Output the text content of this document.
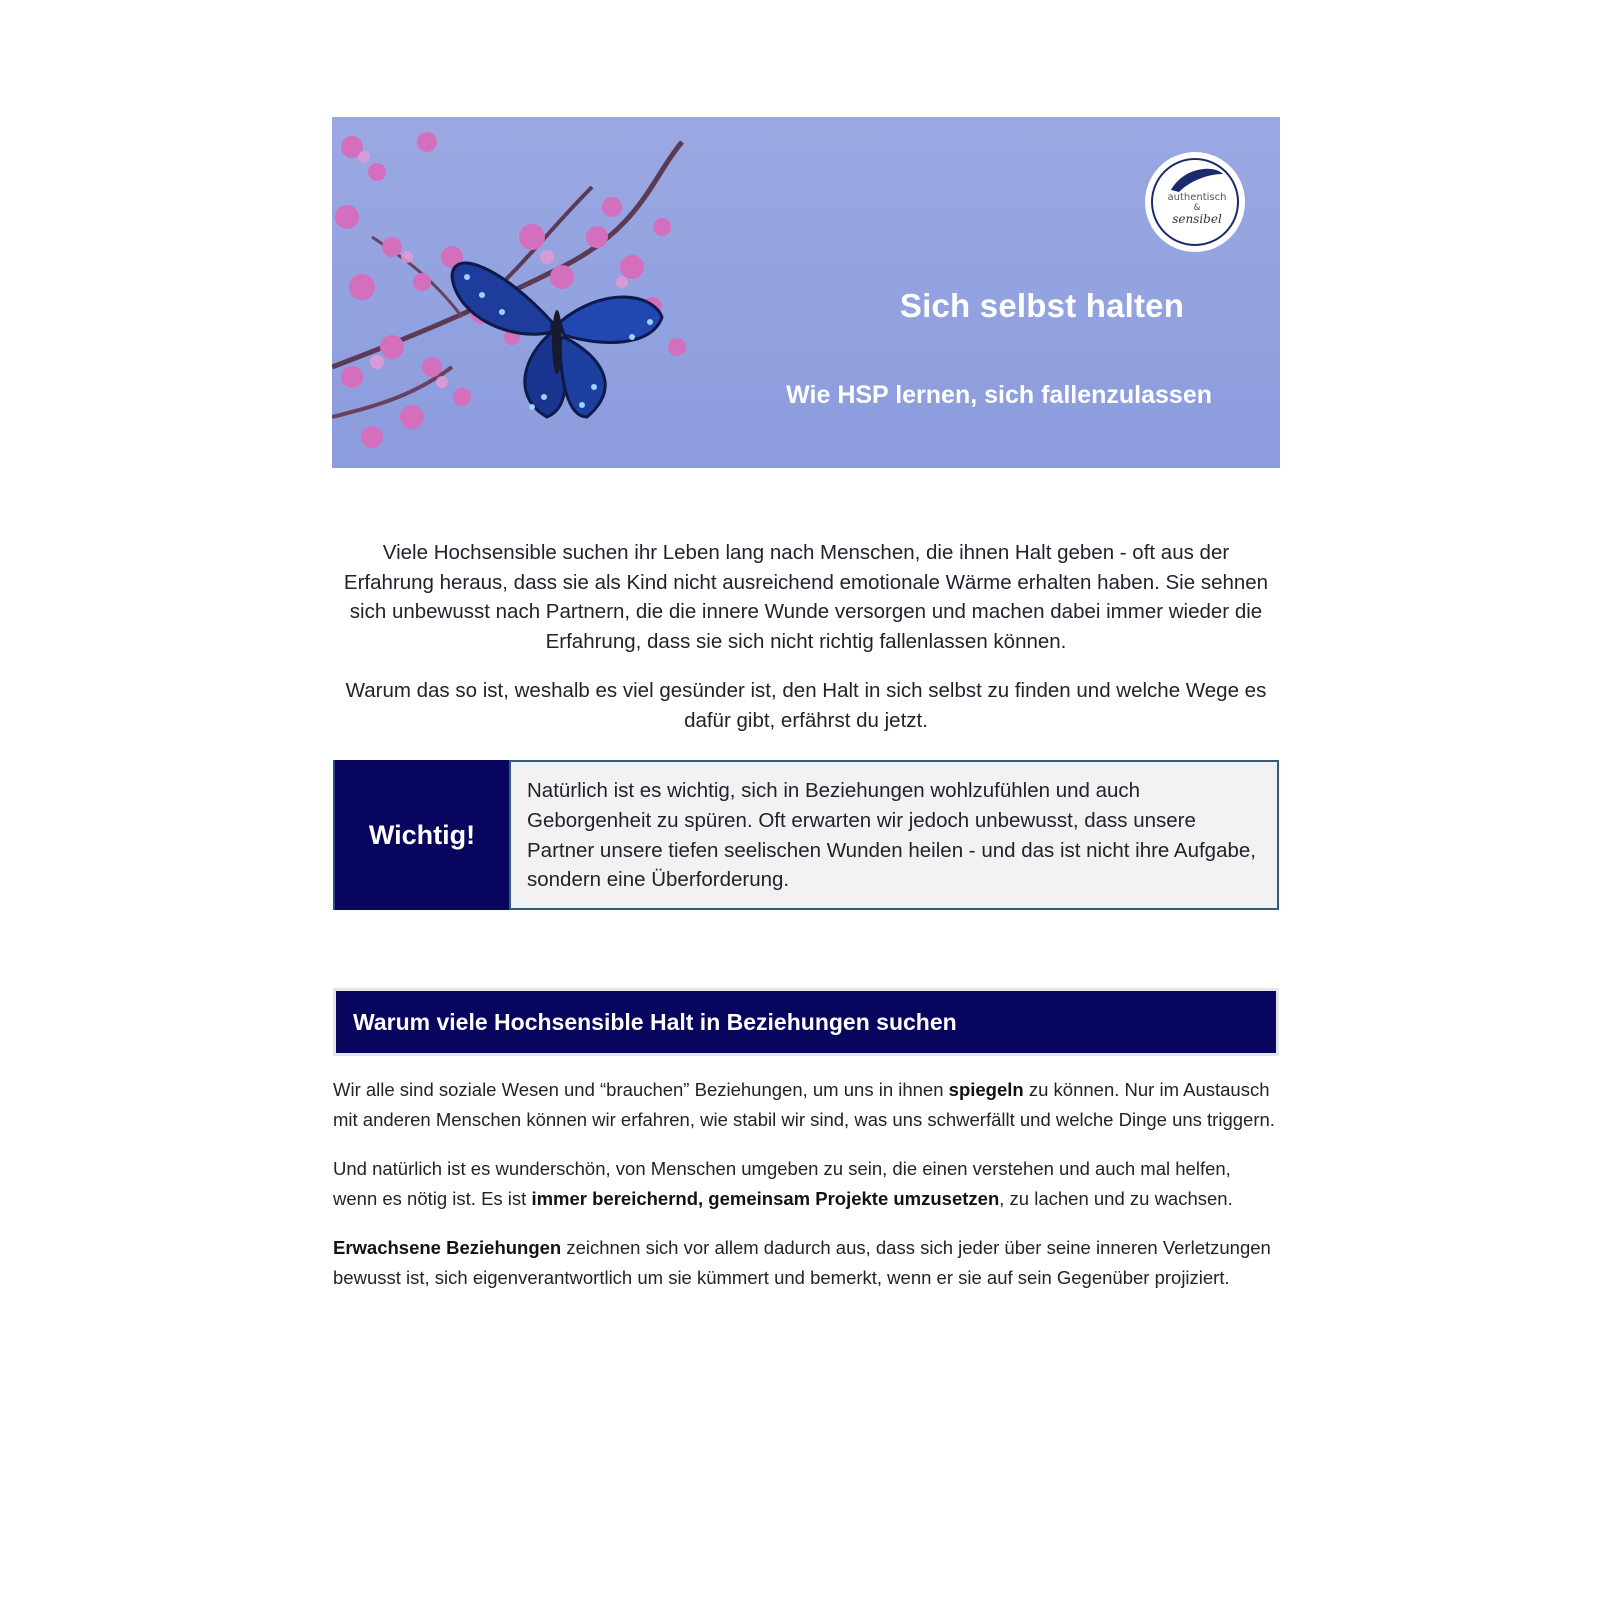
authentisch
&
sensibel
Sich selbst halten
Wie HSP lernen, sich fallenzulassen

Viele Hochsensible suchen ihr Leben lang nach Menschen, die ihnen Halt geben - oft aus der Erfahrung heraus, dass sie als Kind nicht ausreichend emotionale Wärme erhalten haben. Sie sehnen sich unbewusst nach Partnern, die die innere Wunde versorgen und machen dabei immer wieder die Erfahrung, dass sie sich nicht richtig fallenlassen können.

Warum das so ist, weshalb es viel gesünder ist, den Halt in sich selbst zu finden und welche Wege es dafür gibt, erfährst du jetzt.

Wichtig!
Natürlich ist es wichtig, sich in Beziehungen wohlzufühlen und auch Geborgenheit zu spüren. Oft erwarten wir jedoch unbewusst, dass unsere Partner unsere tiefen seelischen Wunden heilen - und das ist nicht ihre Aufgabe, sondern eine Überforderung.
Warum viele Hochsensible Halt in Beziehungen suchen

Wir alle sind soziale Wesen und “brauchen” Beziehungen, um uns in ihnen spiegeln zu können. Nur im Austausch mit anderen Menschen können wir erfahren, wie stabil wir sind, was uns schwerfällt und welche Dinge uns triggern.

Und natürlich ist es wunderschön, von Menschen umgeben zu sein, die einen verstehen und auch mal helfen, wenn es nötig ist. Es ist immer bereichernd, gemeinsam Projekte umzusetzen, zu lachen und zu wachsen.

Erwachsene Beziehungen zeichnen sich vor allem dadurch aus, dass sich jeder über seine inneren Verletzungen bewusst ist, sich eigenverantwortlich um sie kümmert und bemerkt, wenn er sie auf sein Gegenüber projiziert.
